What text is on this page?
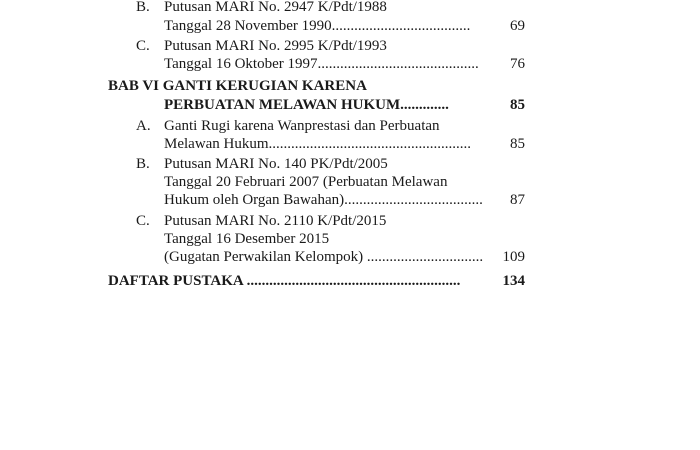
B. Putusan MARI No. 2947 K/Pdt/1988
Tanggal 28 November 1990.....................................	69
C. Putusan MARI No. 2995 K/Pdt/1993
Tanggal 16 Oktober 1997...........................................	76
BAB VI GANTI KERUGIAN KARENA
PERBUATAN MELAWAN HUKUM.............	85
A. Ganti Rugi karena Wanprestasi dan Perbuatan
Melawan Hukum......................................................	85
B. Putusan MARI No. 140 PK/Pdt/2005
Tanggal 20 Februari 2007 (Perbuatan Melawan
Hukum oleh Organ Bawahan).....................................	87
C. Putusan MARI No. 2110 K/Pdt/2015
Tanggal 16 Desember 2015
(Gugatan Perwakilan Kelompok) ...............................	109
DAFTAR PUSTAKA .........................................................	134
